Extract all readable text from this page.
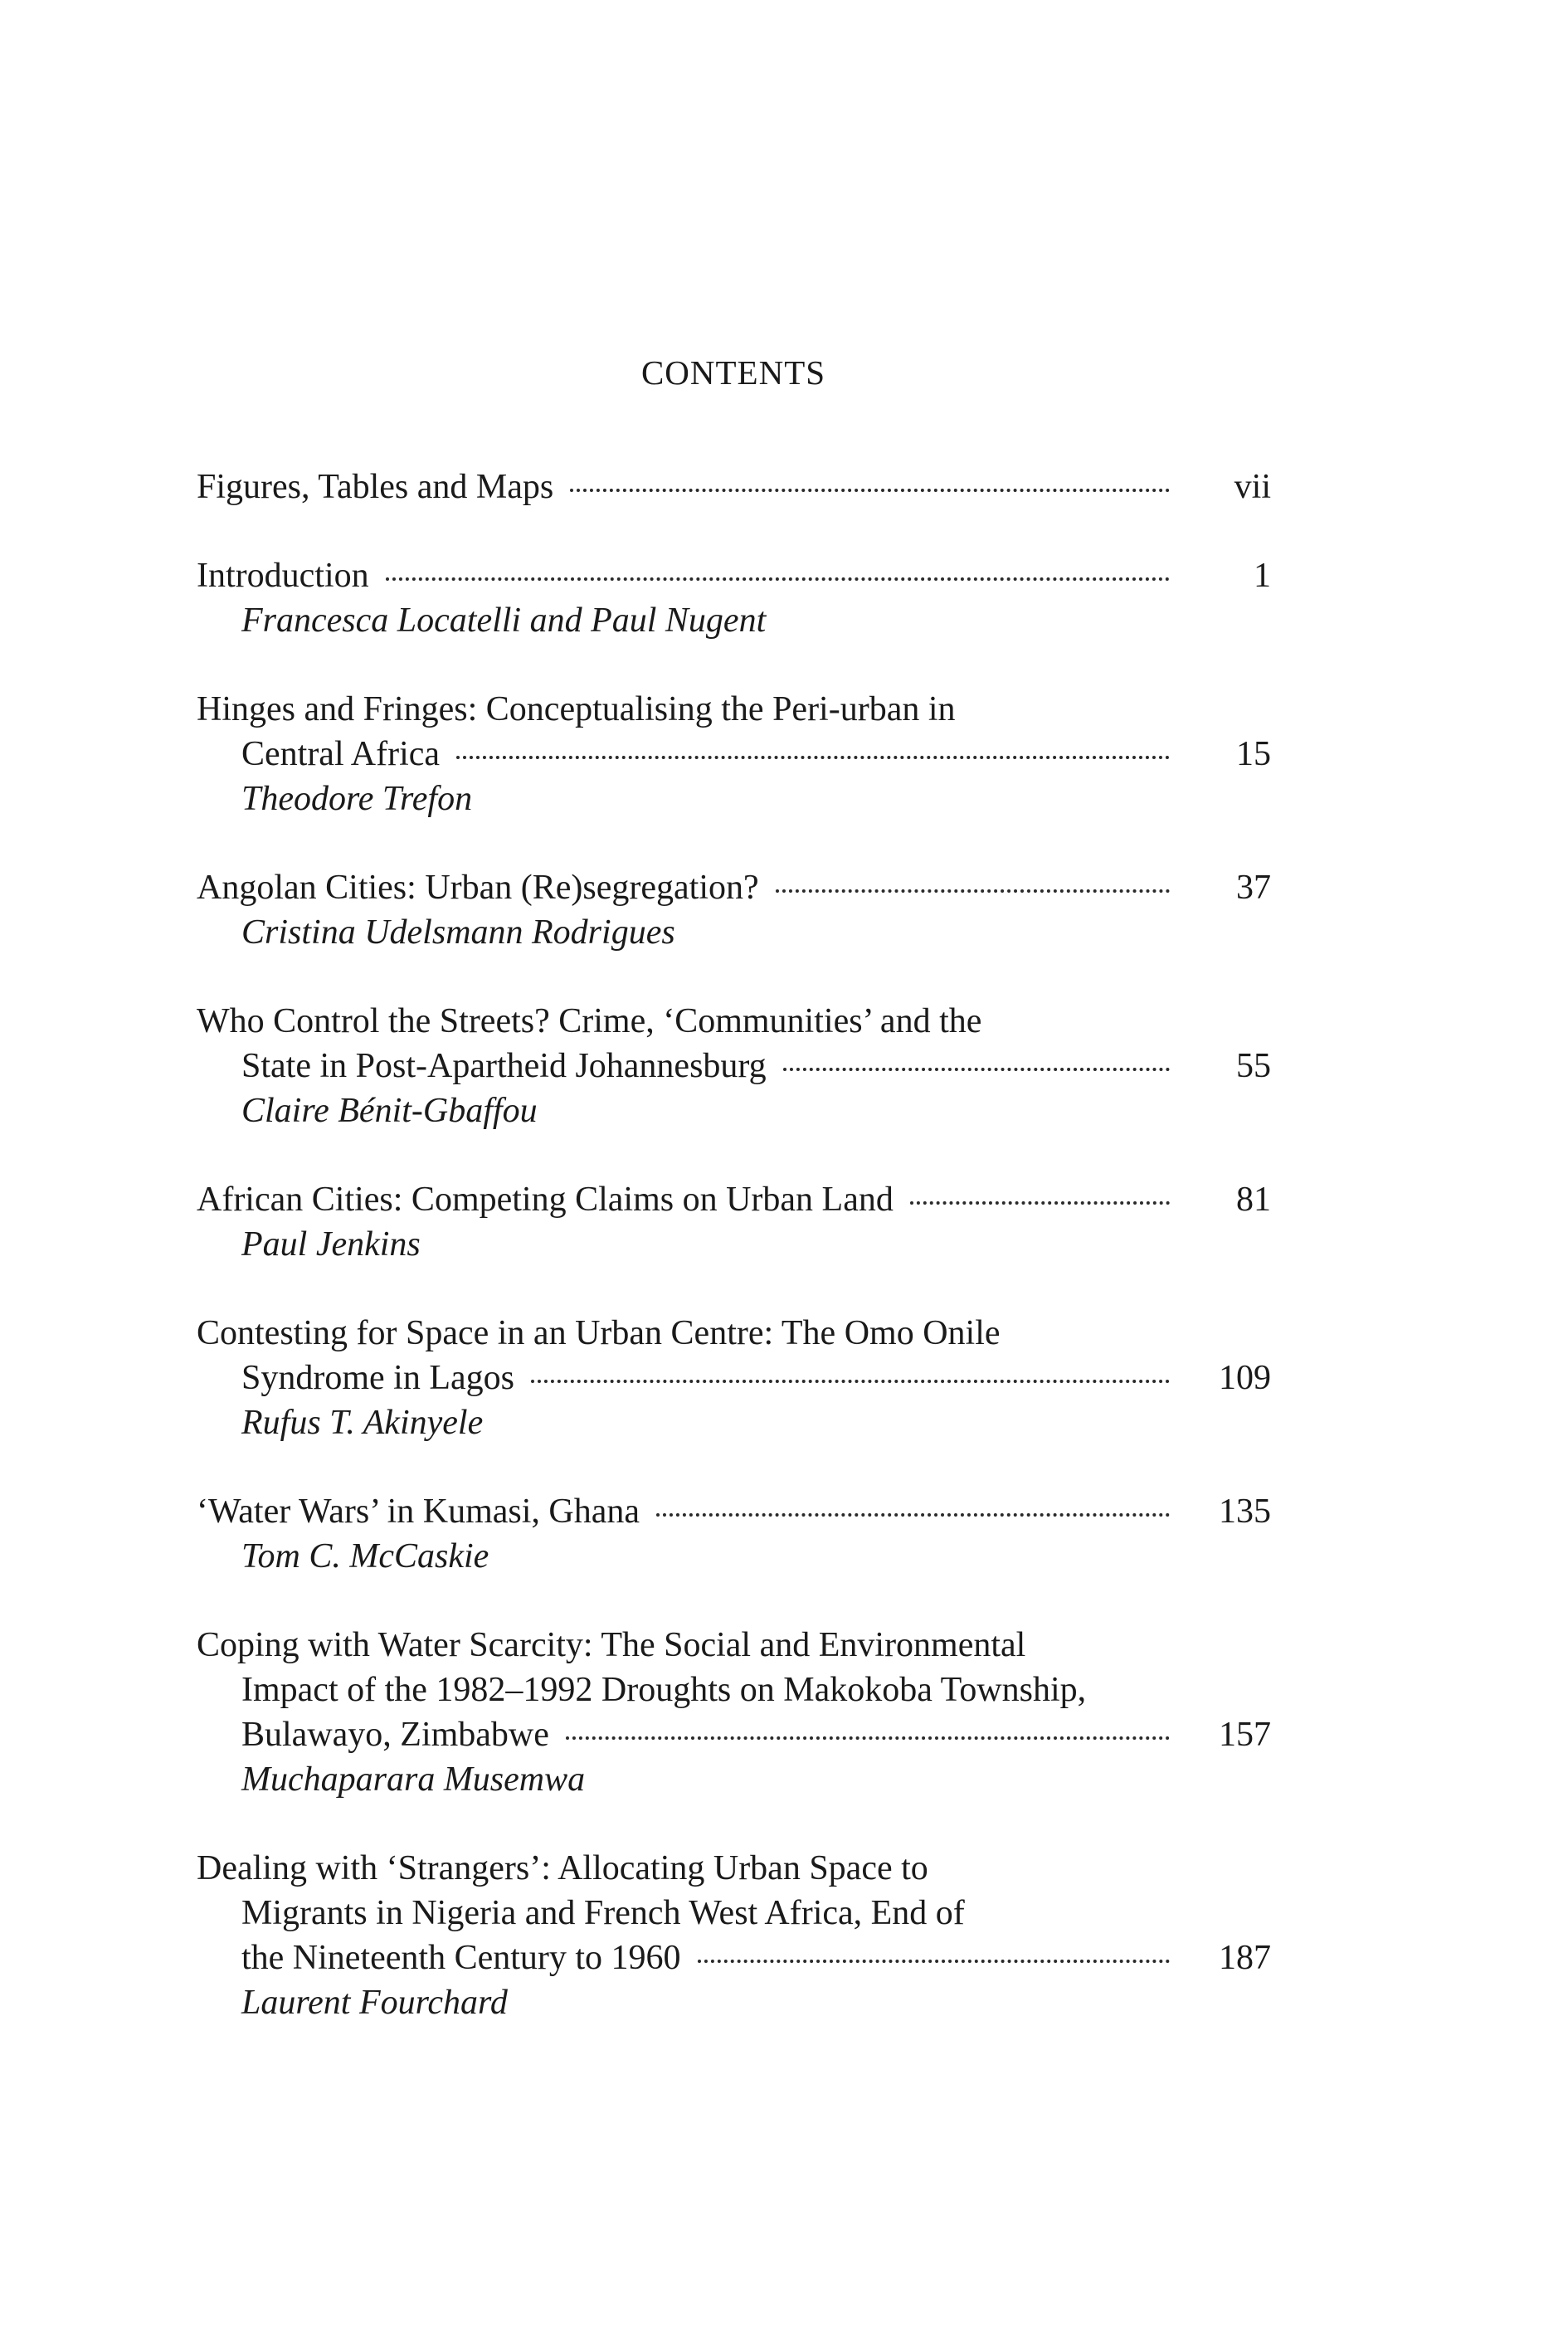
CONTENTS
Figures, Tables and Maps	vii
Introduction	1
Francesca Locatelli and Paul Nugent
Hinges and Fringes: Conceptualising the Peri-urban in
Central Africa	15
Theodore Trefon
Angolan Cities: Urban (Re)segregation?	37
Cristina Udelsmann Rodrigues
Who Control the Streets? Crime, ‘Communities’ and the
State in Post-Apartheid Johannesburg	55
Claire Bénit-Gbaffou
African Cities: Competing Claims on Urban Land	81
Paul Jenkins
Contesting for Space in an Urban Centre: The Omo Onile
Syndrome in Lagos	109
Rufus T. Akinyele
‘Water Wars’ in Kumasi, Ghana	135
Tom C. McCaskie
Coping with Water Scarcity: The Social and Environmental
Impact of the 1982–1992 Droughts on Makokoba Township,
Bulawayo, Zimbabwe	157
Muchaparara Musemwa
Dealing with ‘Strangers’: Allocating Urban Space to
Migrants in Nigeria and French West Africa, End of
the Nineteenth Century to 1960	187
Laurent Fourchard
